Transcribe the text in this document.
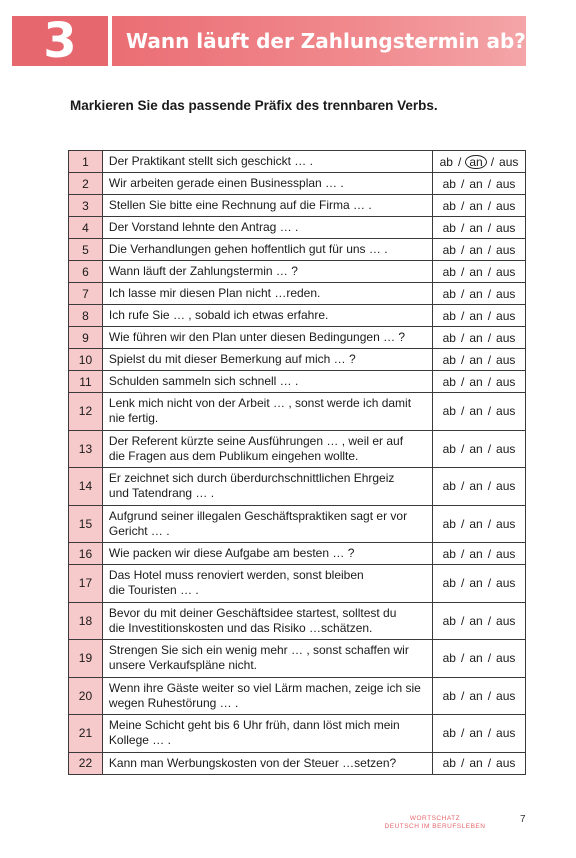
3	Wann läuft der Zahlungstermin ab?
Markieren Sie das passende Präfix des trennbaren Verbs.
1	Der Praktikant stellt sich geschickt … .	ab / an / aus
2	Wir arbeiten gerade einen Businessplan … .	ab / an / aus
3	Stellen Sie bitte eine Rechnung auf die Firma … .	ab / an / aus
4	Der Vorstand lehnte den Antrag … .	ab / an / aus
5	Die Verhandlungen gehen hoffentlich gut für uns … .	ab / an / aus
6	Wann läuft der Zahlungstermin … ?	ab / an / aus
7	Ich lasse mir diesen Plan nicht …reden.	ab / an / aus
8	Ich rufe Sie … , sobald ich etwas erfahre.	ab / an / aus
9	Wie führen wir den Plan unter diesen Bedingungen … ?	ab / an / aus
10	Spielst du mit dieser Bemerkung auf mich … ?	ab / an / aus
11	Schulden sammeln sich schnell … .	ab / an / aus
12	Lenk mich nicht von der Arbeit … , sonst werde ich damit
nie fertig.	ab / an / aus
13	Der Referent kürzte seine Ausführungen … , weil er auf
die Fragen aus dem Publikum eingehen wollte.	ab / an / aus
14	Er zeichnet sich durch überdurchschnittlichen Ehrgeiz
und Tatendrang … .	ab / an / aus
15	Aufgrund seiner illegalen Geschäftspraktiken sagt er vor
Gericht … .	ab / an / aus
16	Wie packen wir diese Aufgabe am besten … ?	ab / an / aus
17	Das Hotel muss renoviert werden, sonst bleiben
die Touristen … .	ab / an / aus
18	Bevor du mit deiner Geschäftsidee startest, solltest du
die Investitionskosten und das Risiko …schätzen.	ab / an / aus
19	Strengen Sie sich ein wenig mehr … , sonst schaffen wir
unsere Verkaufspläne nicht.	ab / an / aus
20	Wenn ihre Gäste weiter so viel Lärm machen, zeige ich sie
wegen Ruhestörung … .	ab / an / aus
21	Meine Schicht geht bis 6 Uhr früh, dann löst mich mein
Kollege … .	ab / an / aus
22	Kann man Werbungskosten von der Steuer …setzen?	ab / an / aus
WORTSCHATZ
DEUTSCH IM BERUFSLEBEN
7
